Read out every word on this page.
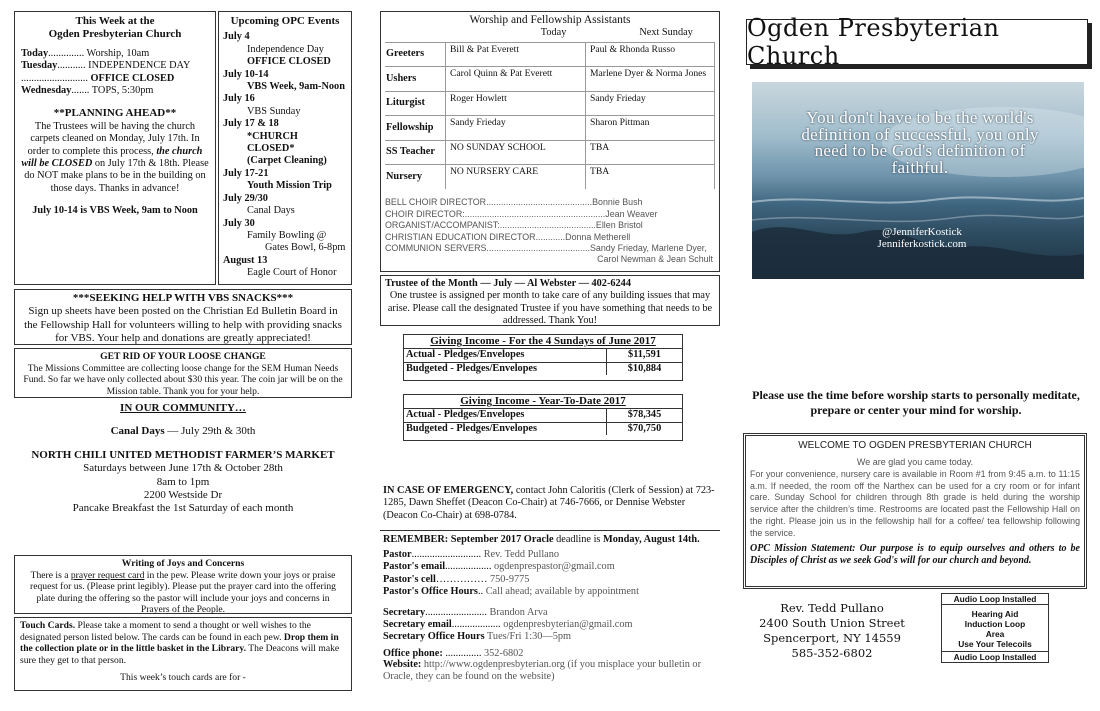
This Week at the
Ogden Presbyterian Church
Today.............. Worship, 10am
Tuesday........... INDEPENDENCE DAY
.......................... OFFICE CLOSED
Wednesday....... TOPS, 5:30pm
**PLANNING AHEAD**
The Trustees will be having the church carpets cleaned on Monday, July 17th. In order to complete this process, the church will be CLOSED on July 17th & 18th. Please do NOT make plans to be in the building on those days. Thanks in advance!
July 10-14 is VBS Week, 9am to Noon
Upcoming OPC Events
July 4
Independence Day
OFFICE CLOSED
July 10-14
VBS Week, 9am-Noon
July 16
VBS Sunday
July 17 & 18
*CHURCH CLOSED*
(Carpet Cleaning)
July 17-21
Youth Mission Trip
July 29/30
Canal Days
July 30
Family Bowling @
Gates Bowl, 6-8pm
August 13
Eagle Court of Honor
***SEEKING HELP WITH VBS SNACKS***
Sign up sheets have been posted on the Christian Ed Bulletin Board in the Fellowship Hall for volunteers willing to help with providing snacks for VBS. Your help and donations are greatly appreciated!
GET RID OF YOUR LOOSE CHANGE
The Missions Committee are collecting loose change for the SEM Human Needs Fund. So far we have only collected about $30 this year. The coin jar will be on the Mission table. Thank you for your help.
IN OUR COMMUNITY…
Canal Days — July 29th & 30th
NORTH CHILI UNITED METHODIST FARMER’S MARKET
Saturdays between June 17th & October 28th
8am to 1pm
2200 Westside Dr
Pancake Breakfast the 1st Saturday of each month
Writing of Joys and Concerns
There is a prayer request card in the pew. Please write down your joys or praise request for us. (Please print legibly). Please put the prayer card into the offering plate during the offering so the pastor will include your joys and concerns in Prayers of the People.
Touch Cards. Please take a moment to send a thought or well wishes to the designated person listed below. The cards can be found in each pew. Drop them in the collection plate or in the little basket in the Library. The Deacons will make sure they get to that person.
This week’s touch cards are for -
Worship and Fellowship Assistants
Today	Next Sunday
Greeters	Bill & Pat Everett	Paul & Rhonda Russo
Ushers	Carol Quinn & Pat Everett	Marlene Dyer & Norma Jones
Liturgist	Roger Howlett	Sandy Frieday
Fellowship	Sandy Frieday	Sharon Pittman
SS Teacher	NO SUNDAY SCHOOL	TBA
Nursery	NO NURSERY CARE	TBA
BELL CHOIR DIRECTOR...........................................Bonnie Bush
CHOIR DIRECTOR:.........................................................Jean Weaver
ORGANIST/ACCOMPANIST:.......................................Ellen Bristol
CHRISTIAN EDUCATION DIRECTOR............Donna Metherell
COMMUNION SERVERS..........................................Sandy Frieday, Marlene Dyer,
Carol Newman & Jean Schult
Trustee of the Month — July — Al Webster — 402-6244
One trustee is assigned per month to take care of any building issues that may arise. Please call the designated Trustee if you have something that needs to be addressed. Thank You!
Giving Income - For the 4 Sundays of June 2017
Actual - Pledges/Envelopes	$11,591
Budgeted - Pledges/Envelopes	$10,884
Giving Income - Year-To-Date 2017
Actual - Pledges/Envelopes	$78,345
Budgeted - Pledges/Envelopes	$70,750
IN CASE OF EMERGENCY, contact John Caloritis (Clerk of Session) at 723-1285, Dawn Sheffet (Deacon Co-Chair) at 746-7666, or Dennise Webster (Deacon Co-Chair) at 698-0784.
REMEMBER: September 2017 Oracle deadline is Monday, August 14th.
Pastor........................... Rev. Tedd Pullano
Pastor's email.................. ogdenprespastor@gmail.com
Pastor's cell…………… 750-9775
Pastor's Office Hours.. Call ahead; available by appointment
Secretary........................ Brandon Arva
Secretary email................... ogdenpresbyterian@gmail.com
Secretary Office Hours Tues/Fri 1:30—5pm
Office phone: .............. 352-6802
Website: http://www.ogdenpresbyterian.org (if you misplace your bulletin or Oracle, they can be found on the website)
Ogden Presbyterian Church
You don't have to be the world's definition of successful, you only need to be God's definition of faithful.
@JenniferKostick
Jenniferkostick.com
Please use the time before worship starts to personally meditate, prepare or center your mind for worship.
WELCOME TO OGDEN PRESBYTERIAN CHURCH
We are glad you came today.
For your convenience, nursery care is available in Room #1 from 9:45 a.m. to 11:15 a.m. If needed, the room off the Narthex can be used for a cry room or for infant care. Sunday School for children through 8th grade is held during the worship service after the children’s time. Restrooms are located past the Fellowship Hall on the right. Please join us in the fellowship hall for a coffee/ tea fellowship following the service.
OPC Mission Statement: Our purpose is to equip ourselves and others to be Disciples of Christ as we seek God's will for our church and beyond.
Rev. Tedd Pullano
2400 South Union Street
Spencerport, NY 14559
585-352-6802
Audio Loop Installed
Hearing Aid
Induction Loop
Area
Use Your Telecoils
Audio Loop Installed
